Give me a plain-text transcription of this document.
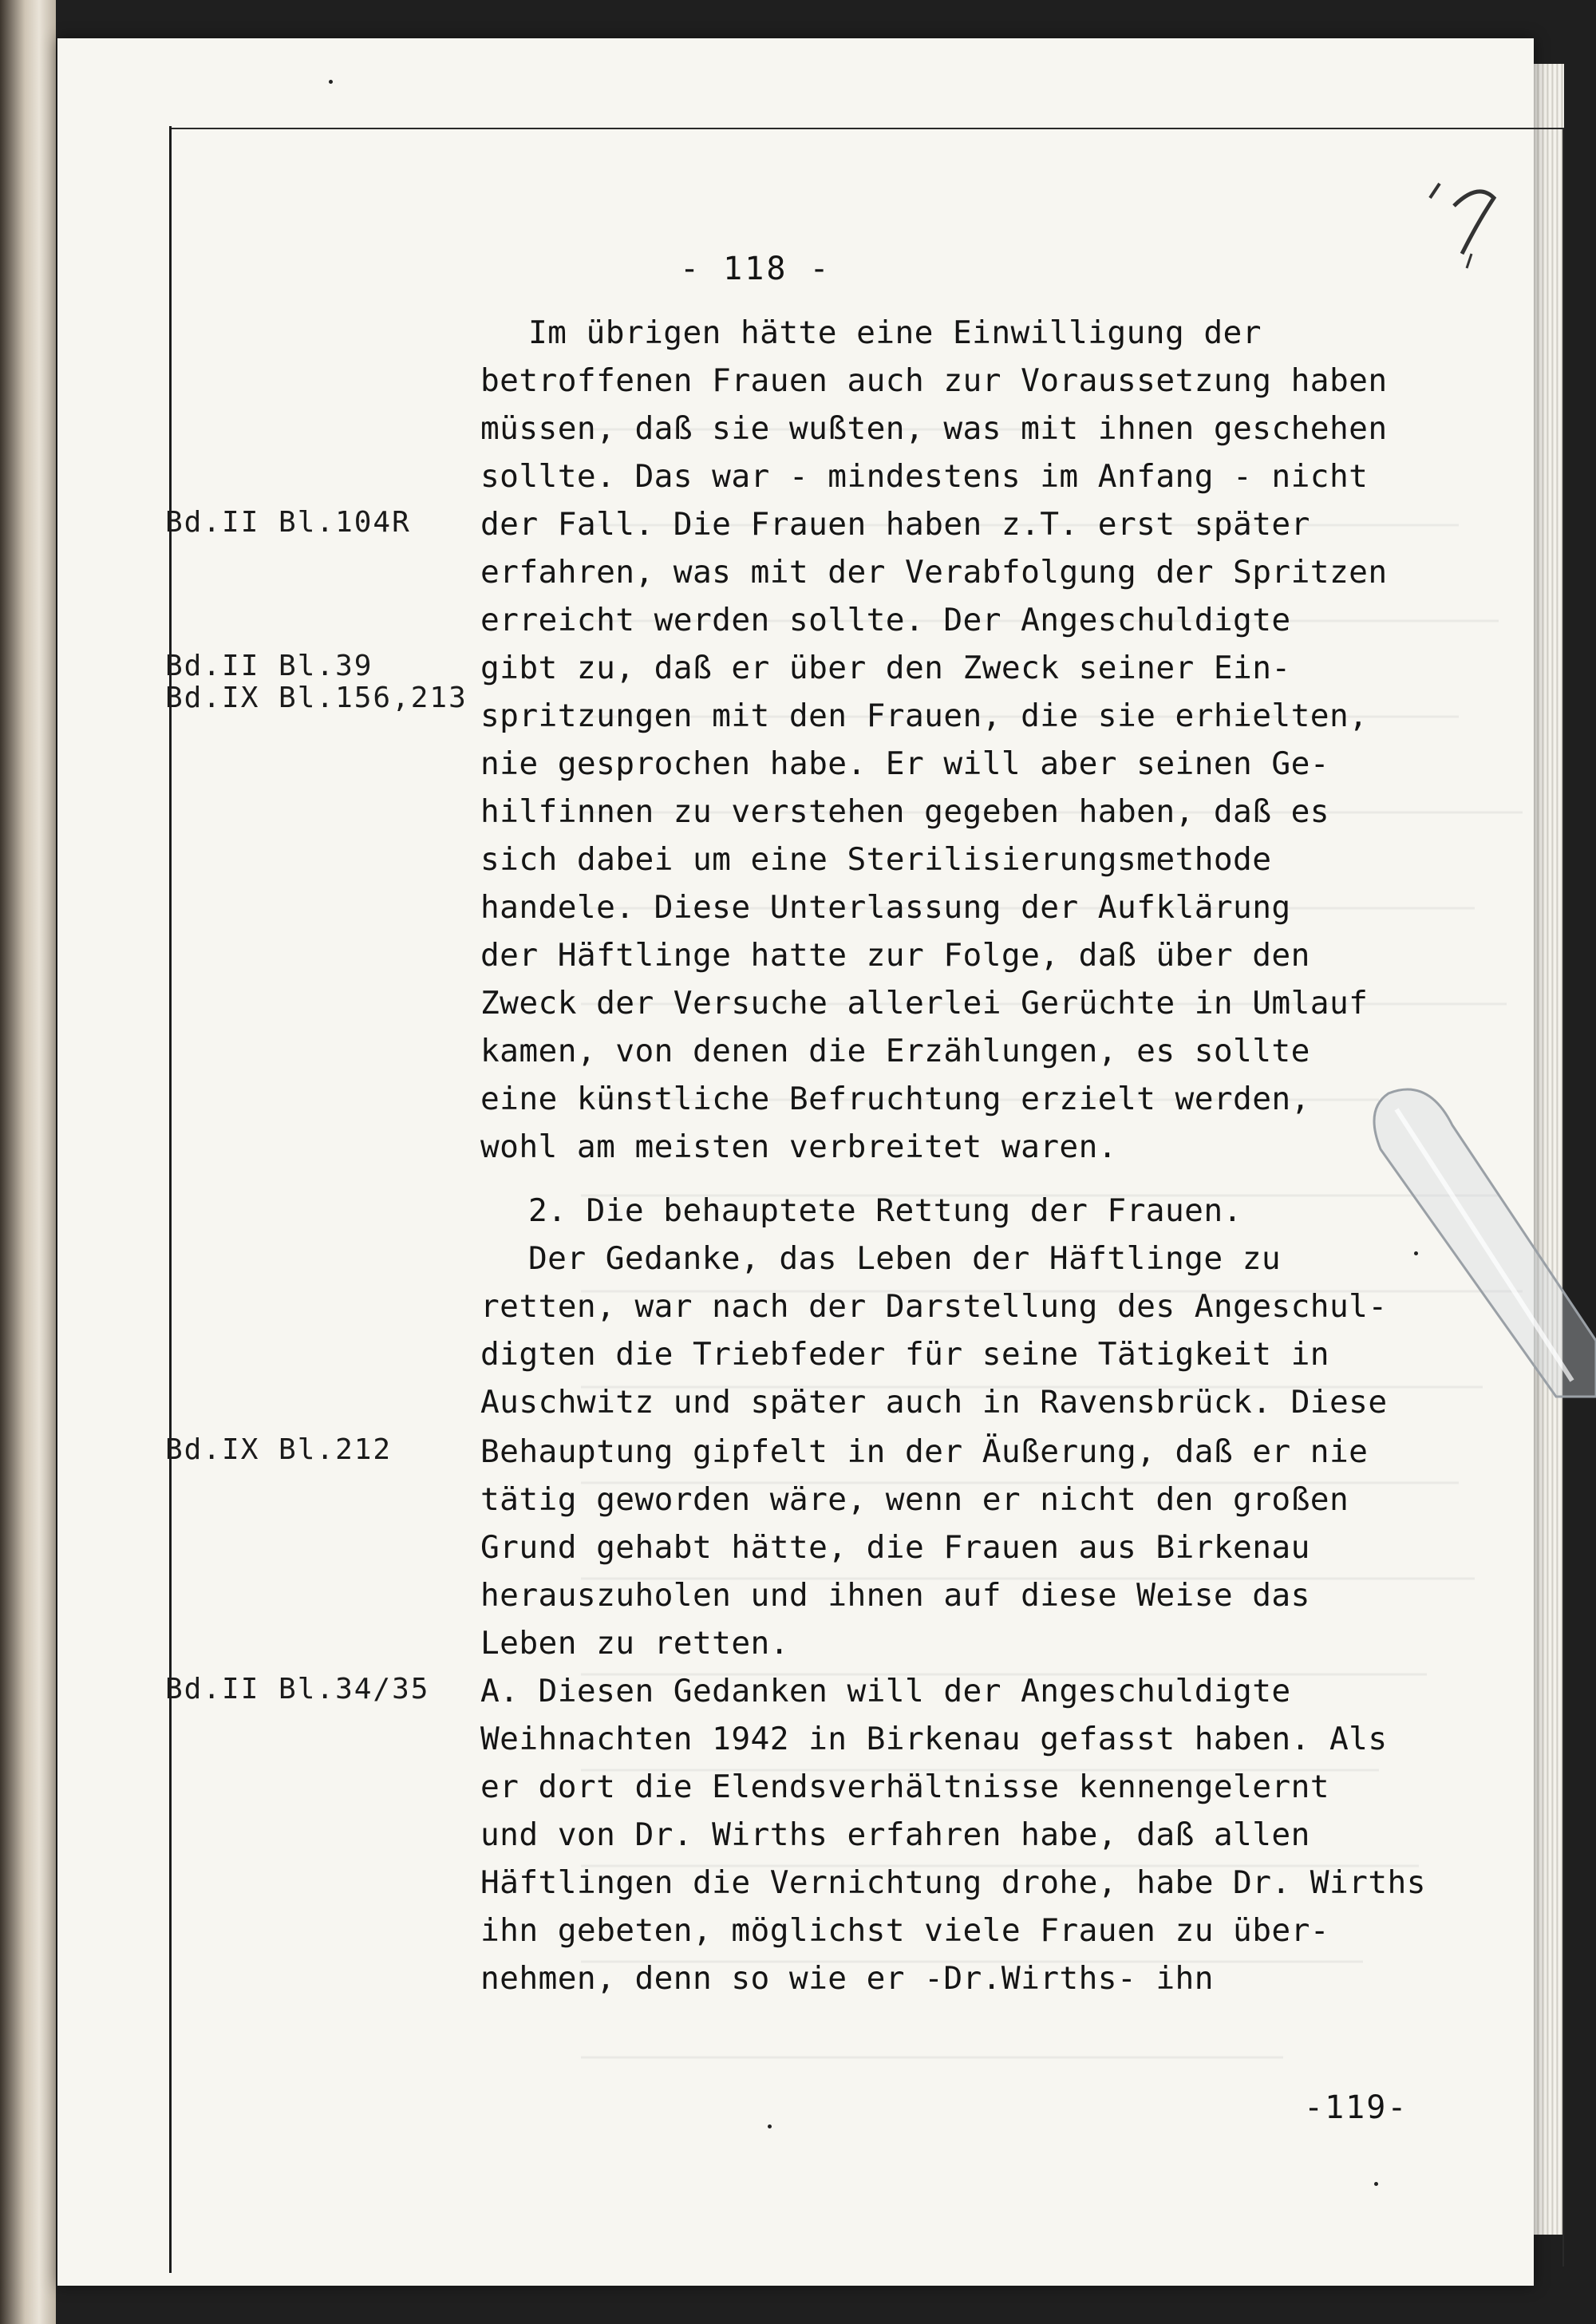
- 118 -
Bd.II Bl.104R
Bd.II Bl.39
Bd.IX Bl.156,213
Bd.IX Bl.212
Bd.II Bl.34/35
Im übrigen hätte eine Einwilligung der
betroffenen Frauen auch zur Voraussetzung haben
müssen, daß sie wußten, was mit ihnen geschehen
sollte. Das war - mindestens im Anfang - nicht
der Fall. Die Frauen haben z.T. erst später
erfahren, was mit der Verabfolgung der Spritzen
erreicht werden sollte. Der Angeschuldigte
gibt zu, daß er über den Zweck seiner Ein-
spritzungen mit den Frauen, die sie erhielten,
nie gesprochen habe. Er will aber seinen Ge-
hilfinnen zu verstehen gegeben haben, daß es
sich dabei um eine Sterilisierungsmethode
handele. Diese Unterlassung der Aufklärung
der Häftlinge hatte zur Folge, daß über den
Zweck der Versuche allerlei Gerüchte in Umlauf
kamen, von denen die Erzählungen, es sollte
eine künstliche Befruchtung erzielt werden,
wohl am meisten verbreitet waren.
2. Die behauptete Rettung der Frauen.
Der Gedanke, das Leben der Häftlinge zu
retten, war nach der Darstellung des Angeschul-
digten die Triebfeder für seine Tätigkeit in
Auschwitz und später auch in Ravensbrück. Diese
Behauptung gipfelt in der Äußerung, daß er nie
tätig geworden wäre, wenn er nicht den großen
Grund gehabt hätte, die Frauen aus Birkenau
herauszuholen und ihnen auf diese Weise das
Leben zu retten.
A. Diesen Gedanken will der Angeschuldigte
Weihnachten 1942 in Birkenau gefasst haben. Als
er dort die Elendsverhältnisse kennengelernt
und von Dr. Wirths erfahren habe, daß allen
Häftlingen die Vernichtung drohe, habe Dr. Wirths
ihn gebeten, möglichst viele Frauen zu über-
nehmen, denn so wie er -Dr.Wirths- ihn
-119-
